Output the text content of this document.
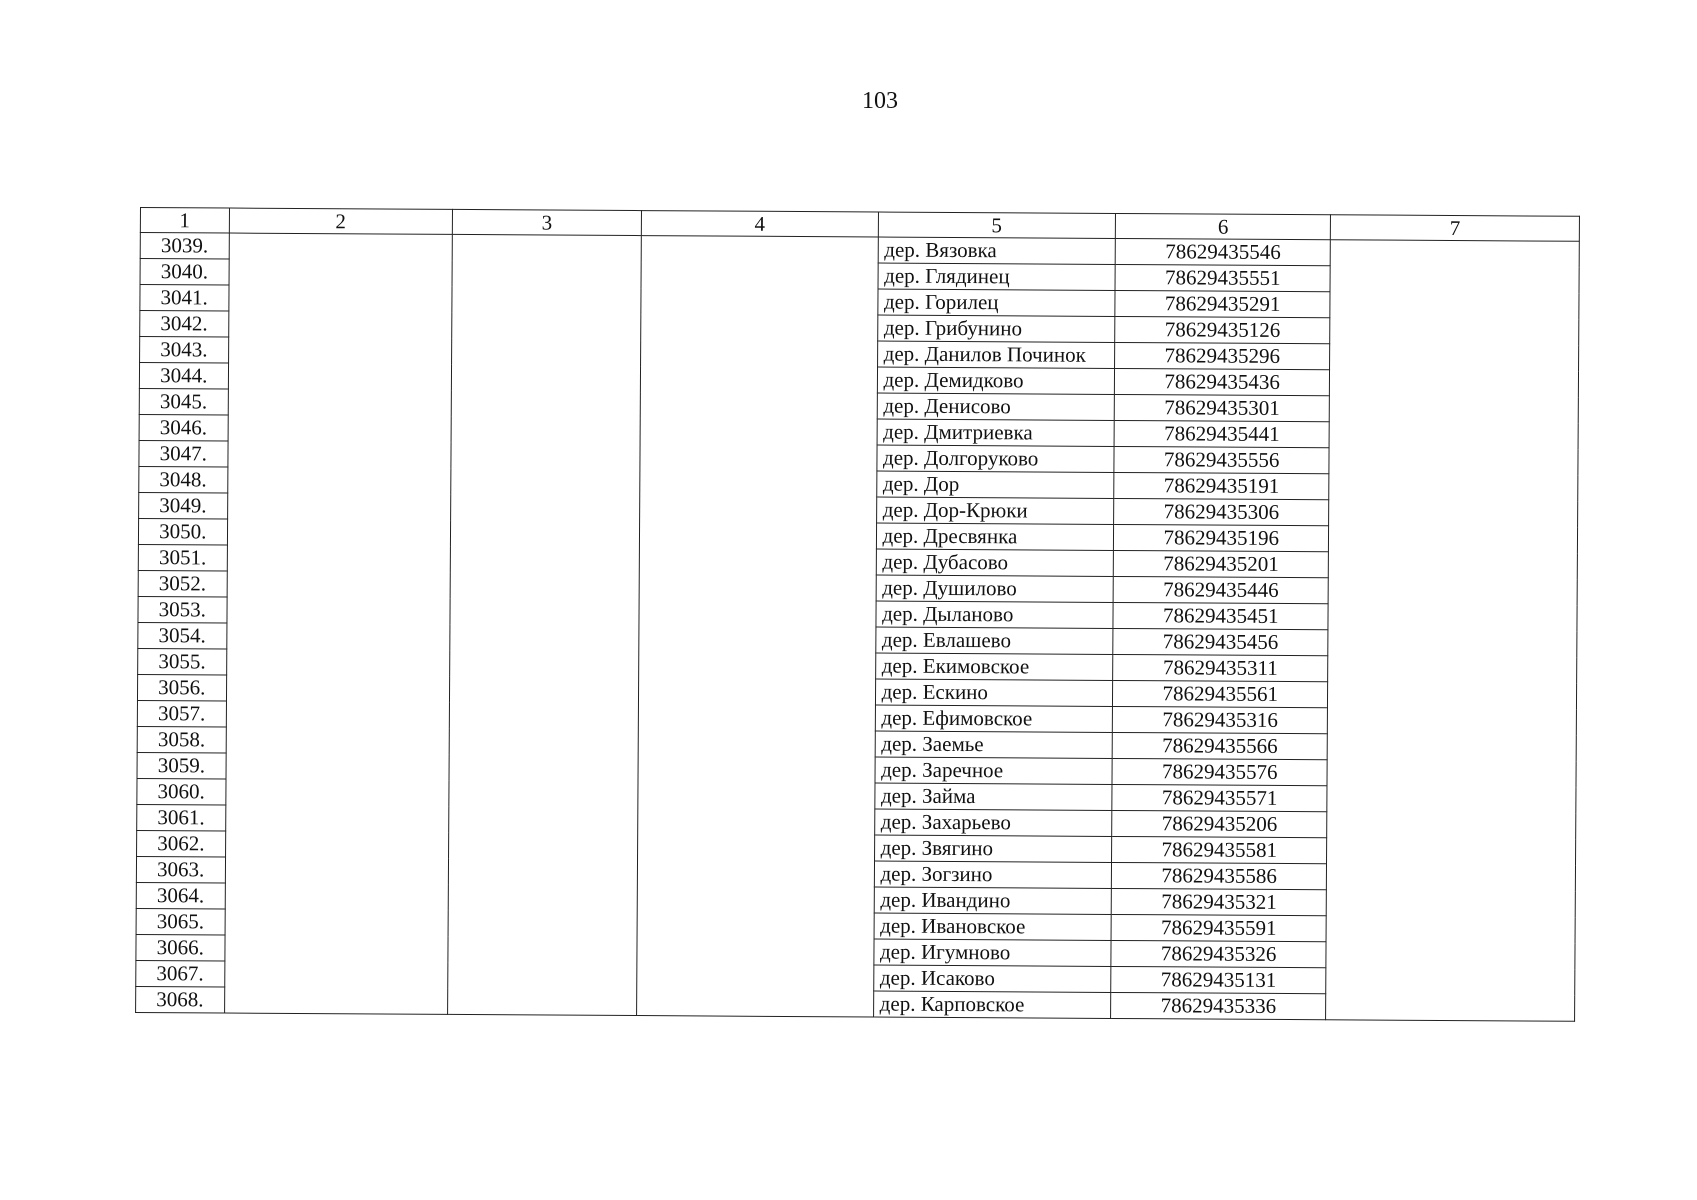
103
1	2	3	4	5	6	7
3039.				дер. Вязовка	78629435546	
3040.				дер. Глядинец	78629435551	
3041.				дер. Горилец	78629435291	
3042.				дер. Грибунино	78629435126	
3043.				дер. Данилов Починок	78629435296	
3044.				дер. Демидково	78629435436	
3045.				дер. Денисово	78629435301	
3046.				дер. Дмитриевка	78629435441	
3047.				дер. Долгоруково	78629435556	
3048.				дер. Дор	78629435191	
3049.				дер. Дор-Крюки	78629435306	
3050.				дер. Дресвянка	78629435196	
3051.				дер. Дубасово	78629435201	
3052.				дер. Душилово	78629435446	
3053.				дер. Дыланово	78629435451	
3054.				дер. Евлашево	78629435456	
3055.				дер. Екимовское	78629435311	
3056.				дер. Ескино	78629435561	
3057.				дер. Ефимовское	78629435316	
3058.				дер. Заемье	78629435566	
3059.				дер. Заречное	78629435576	
3060.				дер. Займа	78629435571	
3061.				дер. Захарьево	78629435206	
3062.				дер. Звягино	78629435581	
3063.				дер. Зогзино	78629435586	
3064.				дер. Ивандино	78629435321	
3065.				дер. Ивановское	78629435591	
3066.				дер. Игумново	78629435326	
3067.				дер. Исаково	78629435131	
3068.				дер. Карповское	78629435336	
